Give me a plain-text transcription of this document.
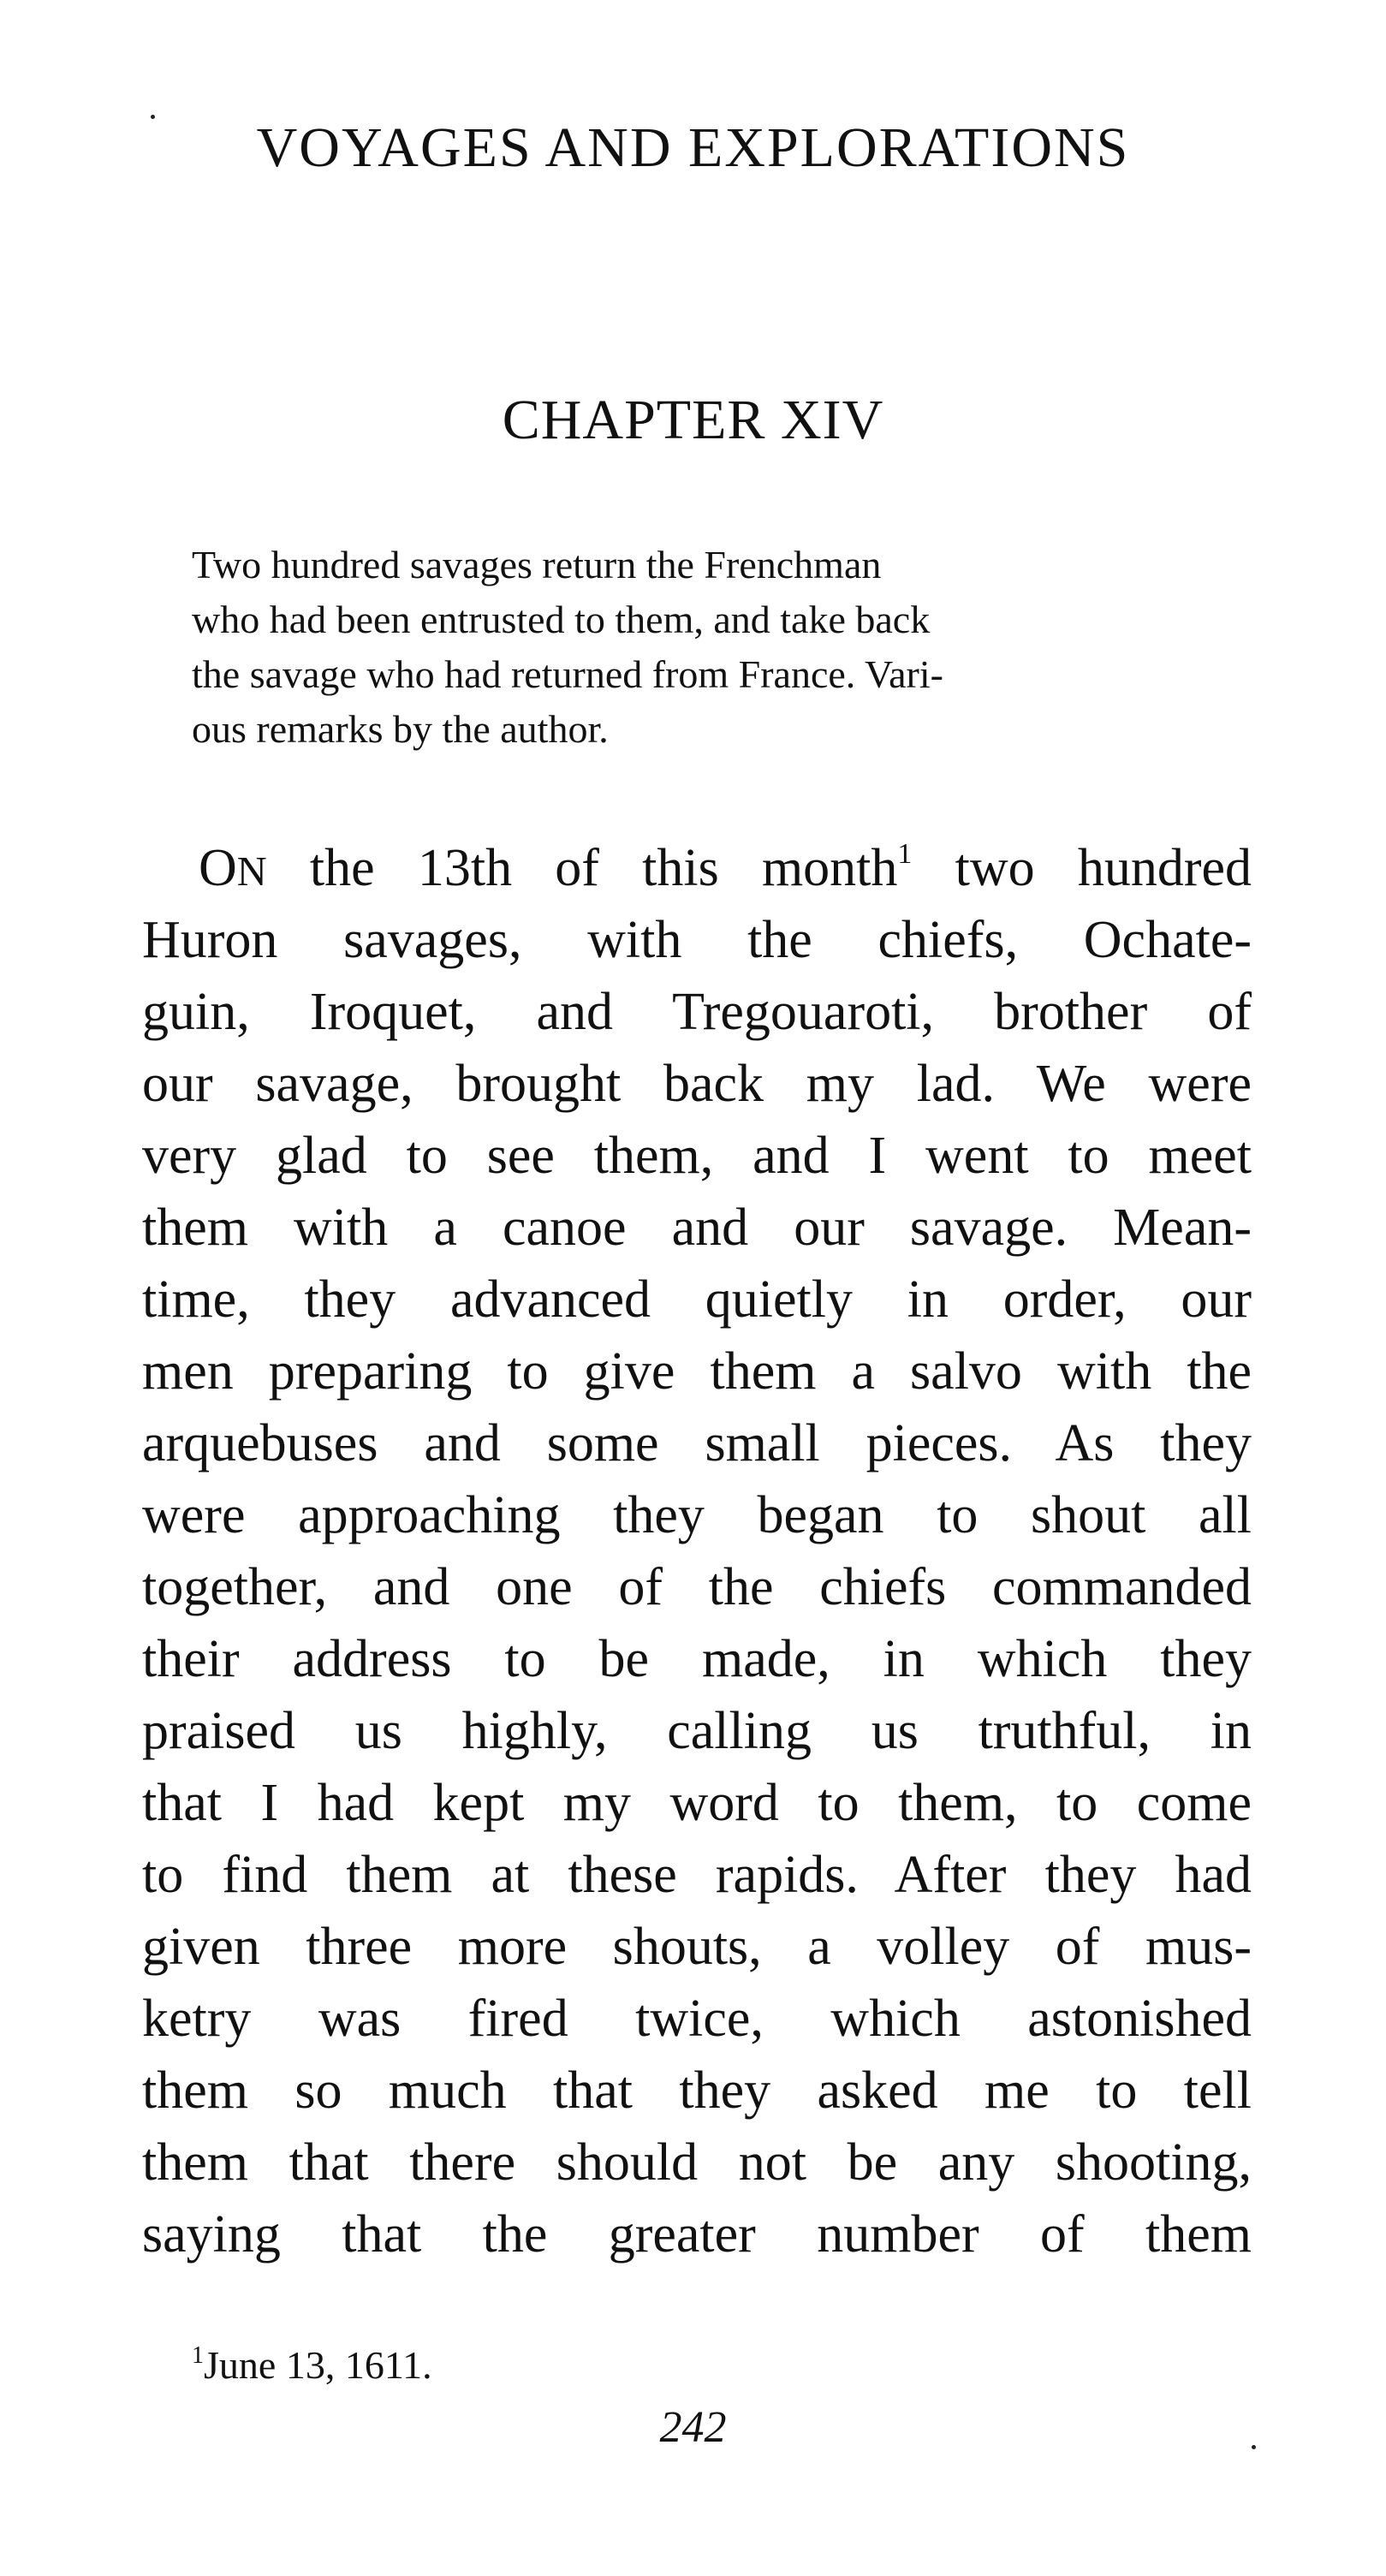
VOYAGES AND EXPLORATIONS
CHAPTER XIV
Two hundred savages return the Frenchman
who had been entrusted to them, and take back
the savage who had returned from France. Vari-
ous remarks by the author.
ON the 13th of this month$^1$ two hundred
Huron savages, with the chiefs, Ochate-
guin, Iroquet, and Tregouaroti, brother of
our savage, brought back my lad. We were
very glad to see them, and I went to meet
them with a canoe and our savage. Mean-
time, they advanced quietly in order, our
men preparing to give them a salvo with the
arquebuses and some small pieces. As they
were approaching they began to shout all
together, and one of the chiefs commanded
their address to be made, in which they
praised us highly, calling us truthful, in
that I had kept my word to them, to come
to find them at these rapids. After they had
given three more shouts, a volley of mus-
ketry was fired twice, which astonished
them so much that they asked me to tell
them that there should not be any shooting,
saying that the greater number of them
$^1$June 13, 1611.
242
